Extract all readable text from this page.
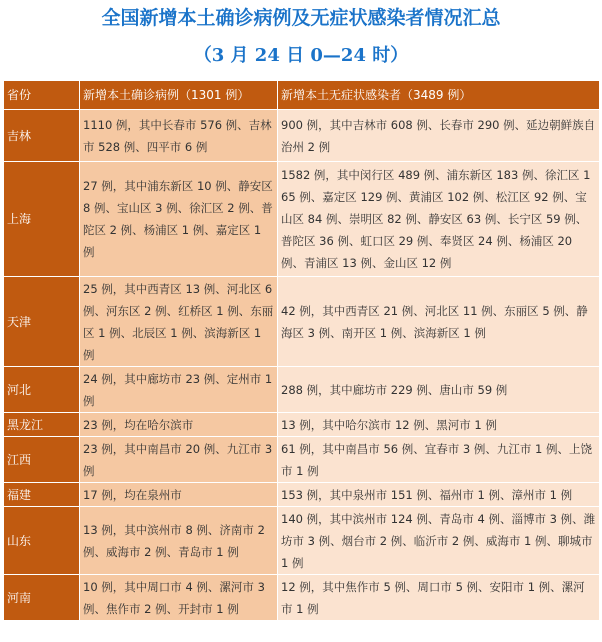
全国新增本土确诊病例及无症状感染者情况汇总
（3 月 24 日 0—24 时）
省份	新增本土确诊病例（1301 例）	新增本土无症状感染者（3489 例）
吉林	1110 例，其中长春市 576 例、吉林市 528 例、四平市 6 例	900 例，其中吉林市 608 例、长春市 290 例、延边朝鲜族自治州 2 例
上海	27 例，其中浦东新区 10 例、静安区 8 例、宝山区 3 例、徐汇区 2 例、普陀区 2 例、杨浦区 1 例、嘉定区 1 例	1582 例，其中闵行区 489 例、浦东新区 183 例、徐汇区 165 例、嘉定区 129 例、黄浦区 102 例、松江区 92 例、宝山区 84 例、崇明区 82 例、静安区 63 例、长宁区 59 例、普陀区 36 例、虹口区 29 例、奉贤区 24 例、杨浦区 20 例、青浦区 13 例、金山区 12 例
天津	25 例，其中西青区 13 例、河北区 6 例、河东区 2 例、红桥区 1 例、东丽区 1 例、北辰区 1 例、滨海新区 1 例	42 例，其中西青区 21 例、河北区 11 例、东丽区 5 例、静海区 3 例、南开区 1 例、滨海新区 1 例
河北	24 例，其中廊坊市 23 例、定州市 1 例	288 例，其中廊坊市 229 例、唐山市 59 例
黑龙江	23 例，均在哈尔滨市	13 例，其中哈尔滨市 12 例、黑河市 1 例
江西	23 例，其中南昌市 20 例、九江市 3 例	61 例，其中南昌市 56 例、宜春市 3 例、九江市 1 例、上饶市 1 例
福建	17 例，均在泉州市	153 例，其中泉州市 151 例、福州市 1 例、漳州市 1 例
山东	13 例，其中滨州市 8 例、济南市 2 例、威海市 2 例、青岛市 1 例	140 例，其中滨州市 124 例、青岛市 4 例、淄博市 3 例、潍坊市 3 例、烟台市 2 例、临沂市 2 例、威海市 1 例、聊城市 1 例
河南	10 例，其中周口市 4 例、漯河市 3 例、焦作市 2 例、开封市 1 例	12 例，其中焦作市 5 例、周口市 5 例、安阳市 1 例、漯河市 1 例
